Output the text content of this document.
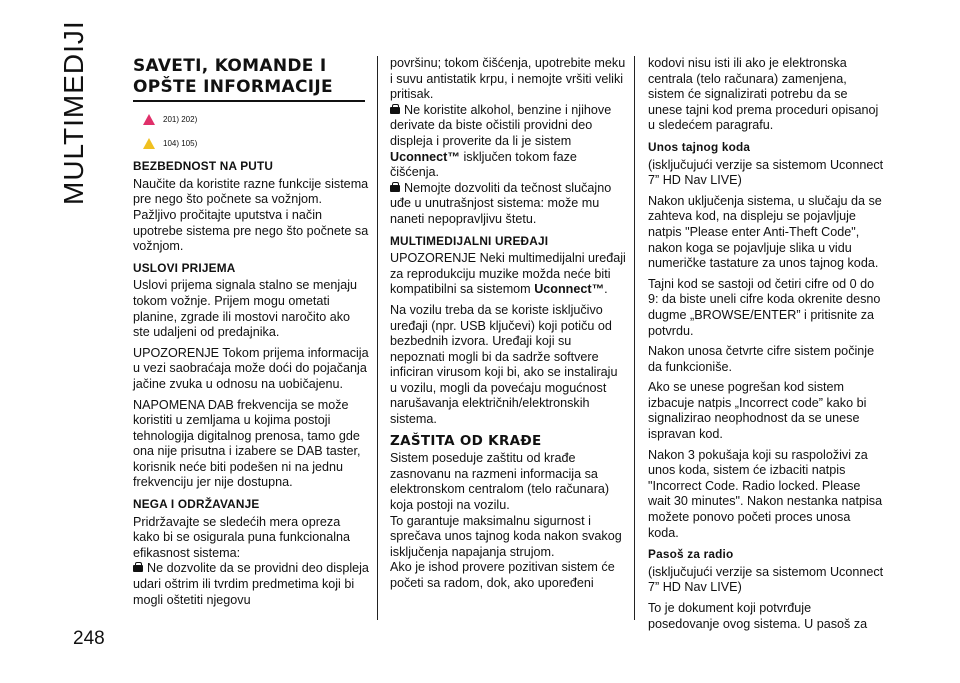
MULTIMEDIJI
248
SAVETI, KOMANDE I
OPŠTE INFORMACIJE
201) 202)
104) 105)
BEZBEDNOST NA PUTU

Naučite da koristite razne funkcije sistema pre nego što počnete sa vožnjom.

Pažljivo pročitajte uputstva i način upotrebe sistema pre nego što počnete sa vožnjom.

USLOVI PRIJEMA

Uslovi prijema signala stalno se menjaju tokom vožnje. Prijem mogu ometati planine, zgrade ili mostovi naročito ako ste udaljeni od predajnika.

UPOZORENJE Tokom prijema informacija u vezi saobraćaja može doći do pojačanja jačine zvuka u odnosu na uobičajenu.

NAPOMENA DAB frekvencija se može koristiti u zemljama u kojima postoji tehnologija digitalnog prenosa, tamo gde ona nije prisutna i izabere se DAB taster, korisnik neće biti podešen ni na jednu frekvenciju jer nije dostupna.

NEGA I ODRŽAVANJE

Pridržavajte se sledećih mera opreza kako bi se osigurala puna funkcionalna efikasnost sistema:

Ne dozvolite da se providni deo displeja udari oštrim ili tvrdim predmetima koji bi mogli oštetiti njegovu

površinu; tokom čišćenja, upotrebite meku i suvu antistatik krpu, i nemojte vršiti veliki pritisak.

Ne koristite alkohol, benzine i njihove derivate da biste očistili providni deo displeja i proverite da li je sistem Uconnect™ isključen tokom faze čišćenja.

Nemojte dozvoliti da tečnost slučajno uđe u unutrašnjost sistema: može mu naneti nepopravljivu štetu.

MULTIMEDIJALNI UREĐAJI

UPOZORENJE Neki multimedijalni uređaji za reprodukciju muzike možda neće biti kompatibilni sa sistemom Uconnect™.

Na vozilu treba da se koriste isključivo uređaji (npr. USB ključevi) koji potiču od bezbednih izvora. Uređaji koji su nepoznati mogli bi da sadrže softvere inficiran virusom koji bi, ako se instaliraju u vozilu, mogli da povećaju mogućnost narušavanja električnih/elektronskih sistema.

ZAŠTITA OD KRAĐE

Sistem poseduje zaštitu od krađe zasnovanu na razmeni informacija sa elektronskom centralom (telo računara) koja postoji na vozilu.

To garantuje maksimalnu sigurnost i sprečava unos tajnog koda nakon svakog isključenja napajanja strujom.

Ako je ishod provere pozitivan sistem će početi sa radom, dok, ako upoređeni

kodovi nisu isti ili ako je elektronska centrala (telo računara) zamenjena, sistem će signalizirati potrebu da se unese tajni kod prema proceduri opisanoj u sledećem paragrafu.

Unos tajnog koda

(isključujući verzije sa sistemom Uconnect 7” HD Nav LIVE)

Nakon uključenja sistema, u slučaju da se zahteva kod, na displeju se pojavljuje natpis "Please enter Anti-Theft Code", nakon koga se pojavljuje slika u vidu numeričke tastature za unos tajnog koda.

Tajni kod se sastoji od četiri cifre od 0 do 9: da biste uneli cifre koda okrenite desno dugme „BROWSE/ENTER” i pritisnite za potvrdu.

Nakon unosa četvrte cifre sistem počinje da funkcioniše.

Ako se unese pogrešan kod sistem izbacuje natpis „Incorrect code” kako bi signalizirao neophodnost da se unese ispravan kod.

Nakon 3 pokušaja koji su raspoloživi za unos koda, sistem će izbaciti natpis "Incorrect Code. Radio locked. Please wait 30 minutes". Nakon nestanka natpisa možete ponovo početi proces unosa koda.

Pasoš za radio

(isključujući verzije sa sistemom Uconnect 7” HD Nav LIVE)

To je dokument koji potvrđuje posedovanje ovog sistema. U pasoš za
